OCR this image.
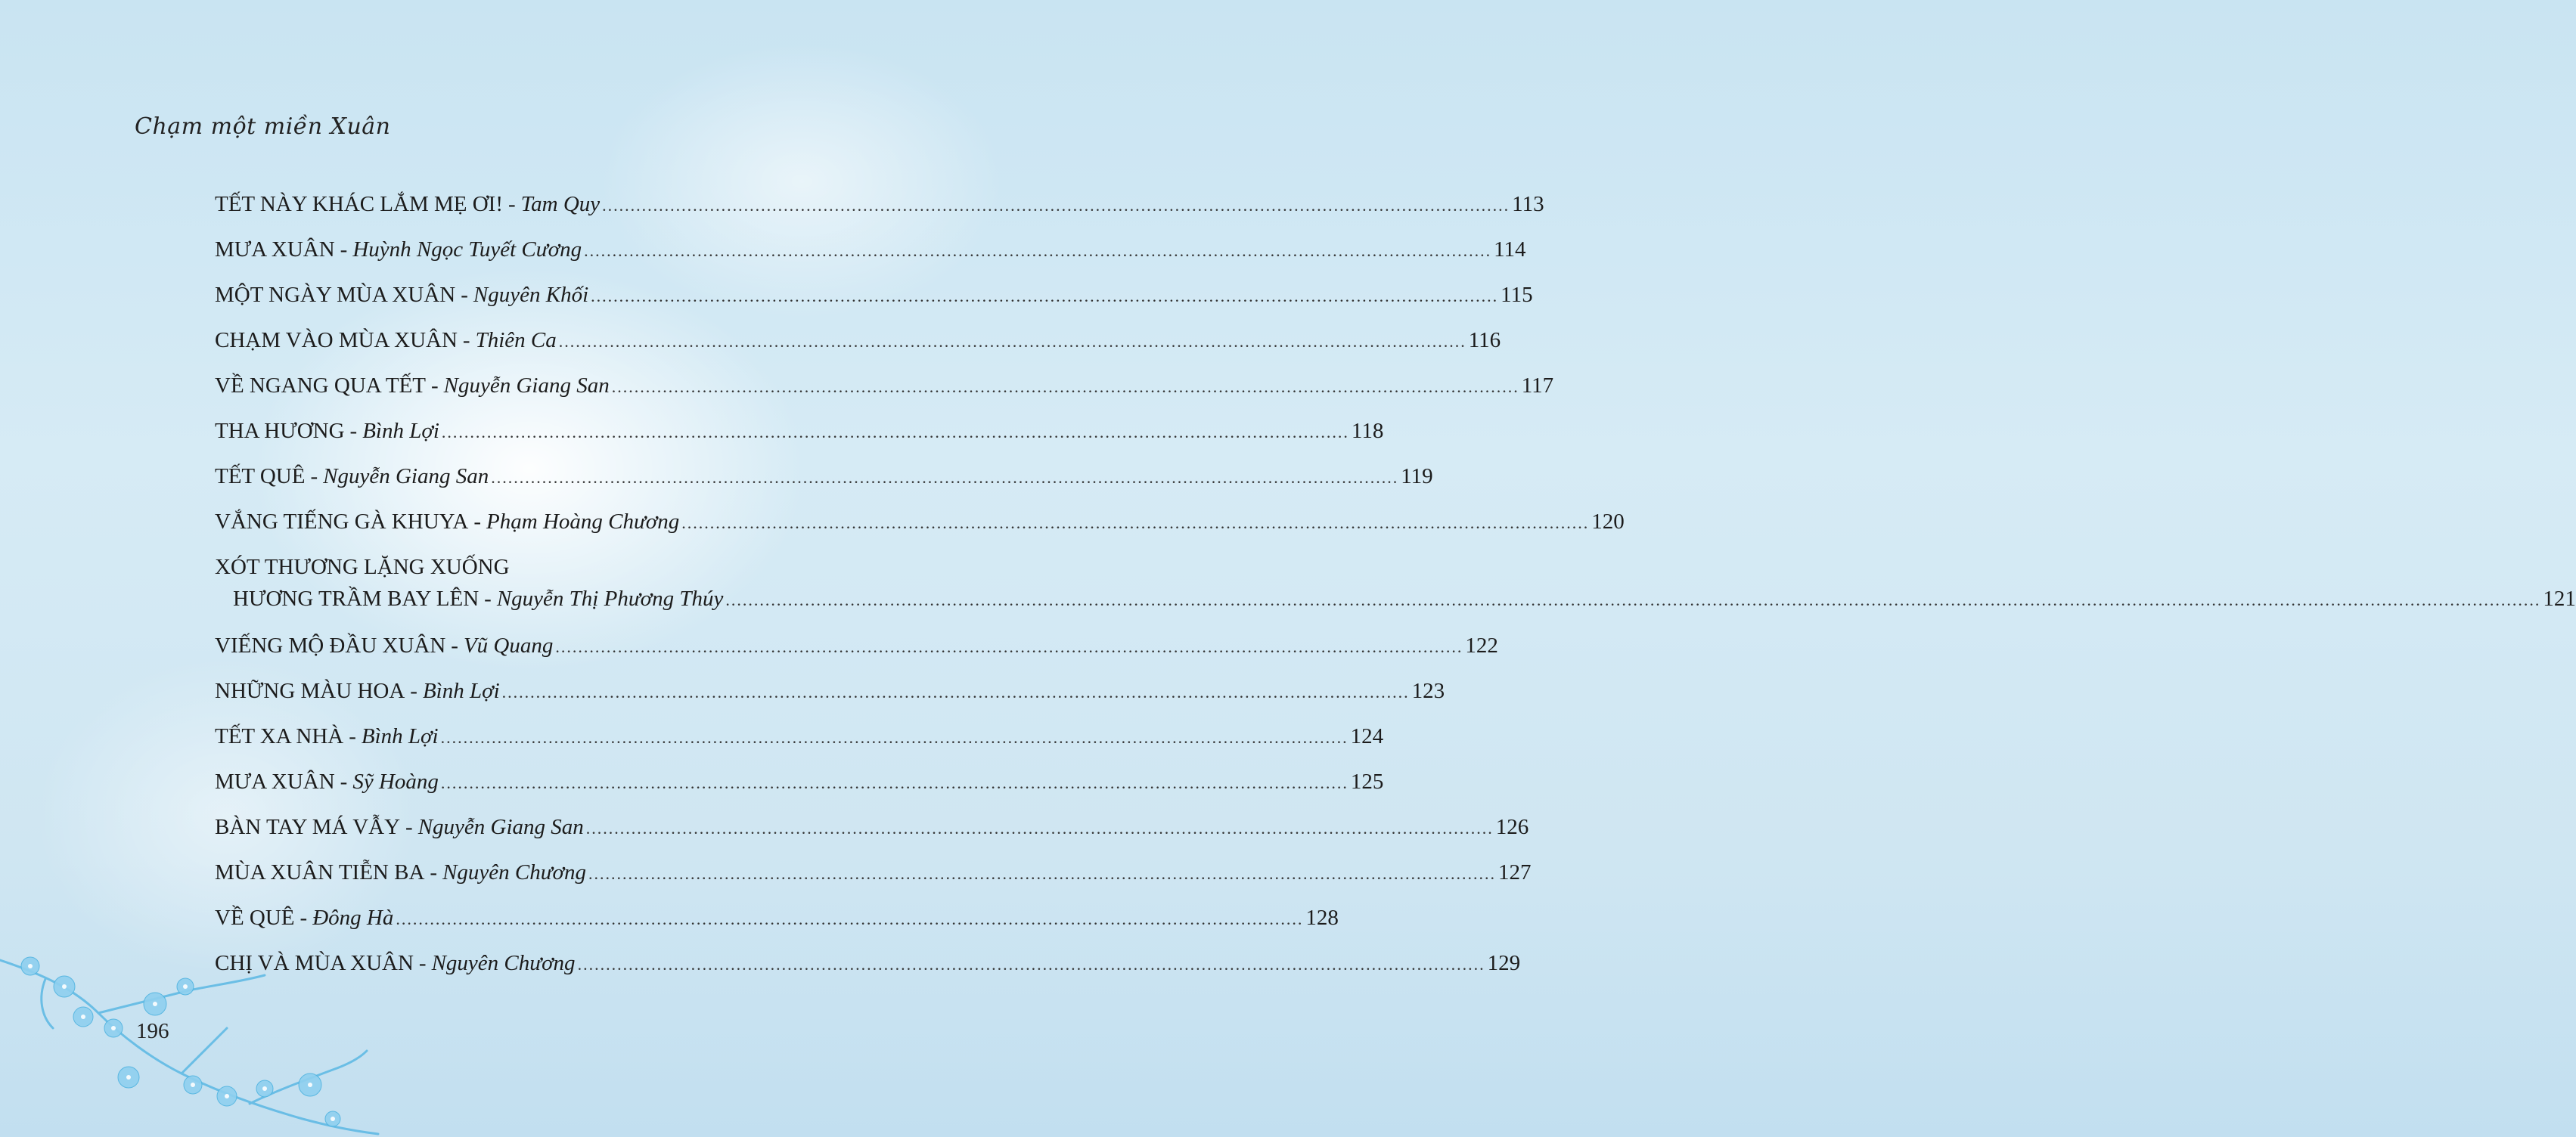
Chạm một miền Xuân
TẾT NÀY KHÁC LẮM MẸ ƠI! - Tam Quy .....	113
MƯA XUÂN - Huỳnh Ngọc Tuyết Cương .....	114
MỘT NGÀY MÙA XUÂN - Nguyên Khối .....	115
CHẠM VÀO MÙA XUÂN - Thiên Ca .....	116
VỀ NGANG QUA TẾT - Nguyễn Giang San .....	117
THA HƯƠNG - Bình Lợi .....	118
TẾT QUÊ - Nguyễn Giang San .....	119
VẮNG TIẾNG GÀ KHUYA - Phạm Hoàng Chương .....	120
XÓT THƯƠNG LẶNG XUỐNG
HƯƠNG TRẦM BAY LÊN - Nguyễn Thị Phương Thúy ................................................................................................................................................................ .....	121
VIẾNG MỘ ĐẦU XUÂN - Vũ Quang .....	122
NHỮNG MÀU HOA - Bình Lợi .....	123
TẾT XA NHÀ - Bình Lợi .....	124
MƯA XUÂN - Sỹ Hoàng .....	125
BÀN TAY MÁ VẪY - Nguyễn Giang San .....	126
MÙA XUÂN TIỄN BA - Nguyên Chương .....	127
VỀ QUÊ - Đông Hà .....	128
CHỊ VÀ MÙA XUÂN - Nguyên Chương .....	129
196
